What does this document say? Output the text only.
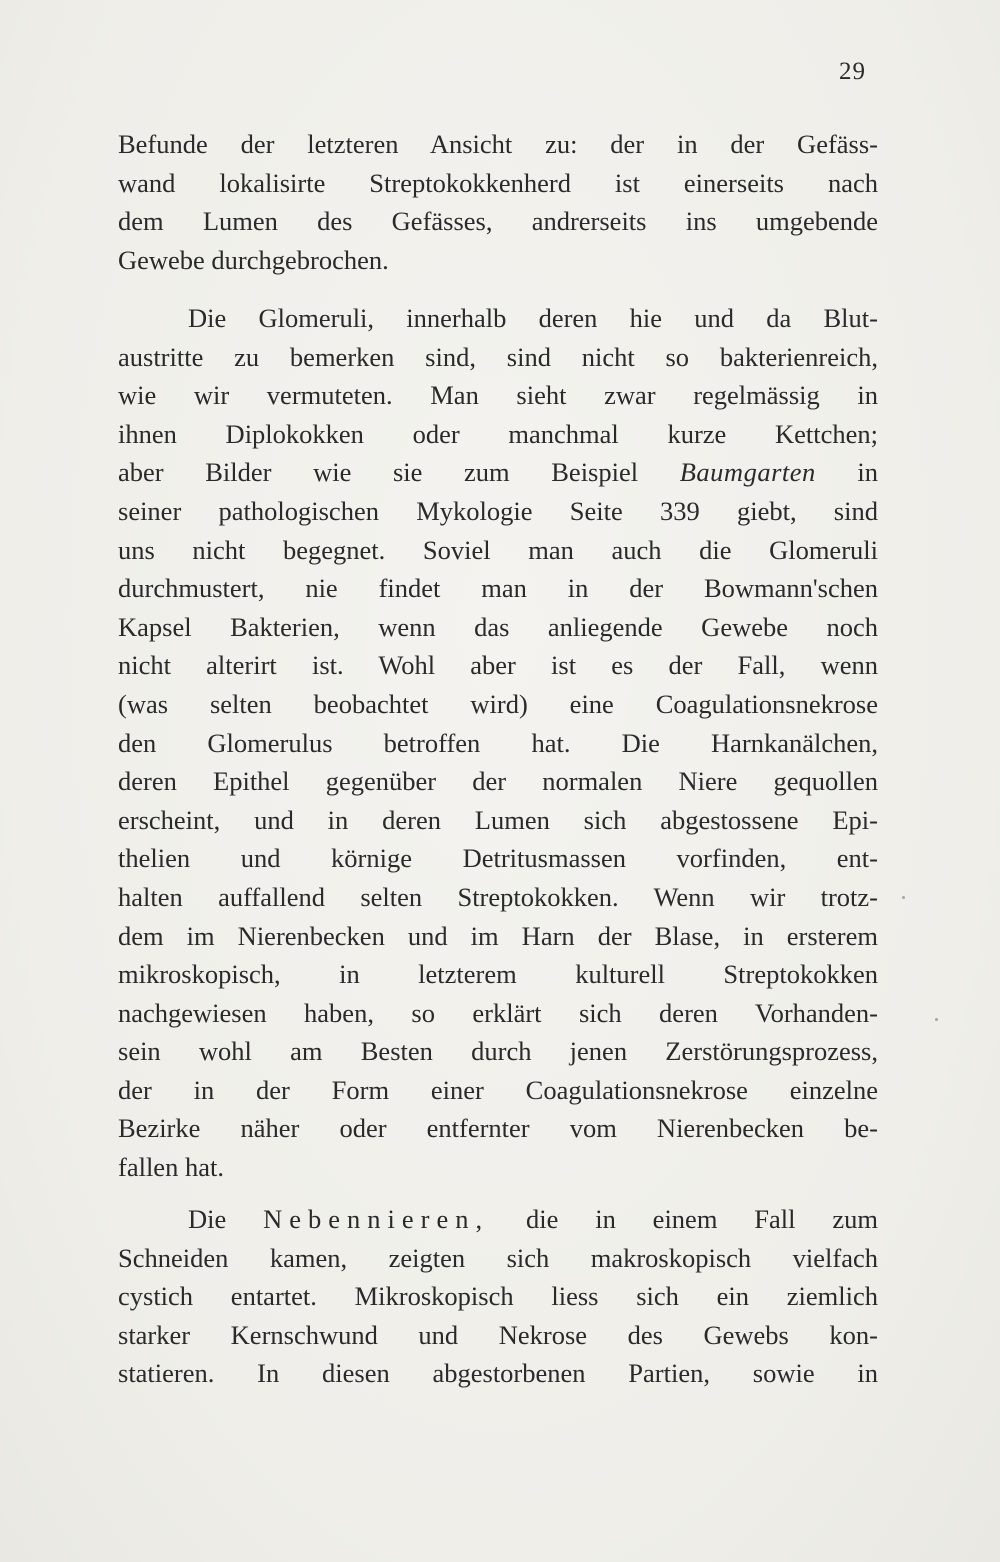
29
Befunde der letzteren Ansicht zu: der in der Gefäss-
wand lokalisirte Streptokokkenherd ist einerseits nach
dem Lumen des Gefässes, andrerseits ins umgebende
Gewebe durchgebrochen.
Die Glomeruli, innerhalb deren hie und da Blut-
austritte zu bemerken sind, sind nicht so bakterienreich,
wie wir vermuteten. Man sieht zwar regelmässig in
ihnen Diplokokken oder manchmal kurze Kettchen;
aber Bilder wie sie zum Beispiel Baumgarten in
seiner pathologischen Mykologie Seite 339 giebt, sind
uns nicht begegnet. Soviel man auch die Glomeruli
durchmustert, nie findet man in der Bowmann'schen
Kapsel Bakterien, wenn das anliegende Gewebe noch
nicht alterirt ist. Wohl aber ist es der Fall, wenn
(was selten beobachtet wird) eine Coagulationsnekrose
den Glomerulus betroffen hat. Die Harnkanälchen,
deren Epithel gegenüber der normalen Niere gequollen
erscheint, und in deren Lumen sich abgestossene Epi-
thelien und körnige Detritusmassen vorfinden, ent-
halten auffallend selten Streptokokken. Wenn wir trotz-
dem im Nierenbecken und im Harn der Blase, in ersterem
mikroskopisch, in letzterem kulturell Streptokokken
nachgewiesen haben, so erklärt sich deren Vorhanden-
sein wohl am Besten durch jenen Zerstörungsprozess,
der in der Form einer Coagulationsnekrose einzelne
Bezirke näher oder entfernter vom Nierenbecken be-
fallen hat.
Die Nebennieren, die in einem Fall zum
Schneiden kamen, zeigten sich makroskopisch vielfach
cystich entartet. Mikroskopisch liess sich ein ziemlich
starker Kernschwund und Nekrose des Gewebs kon-
statieren. In diesen abgestorbenen Partien, sowie in
